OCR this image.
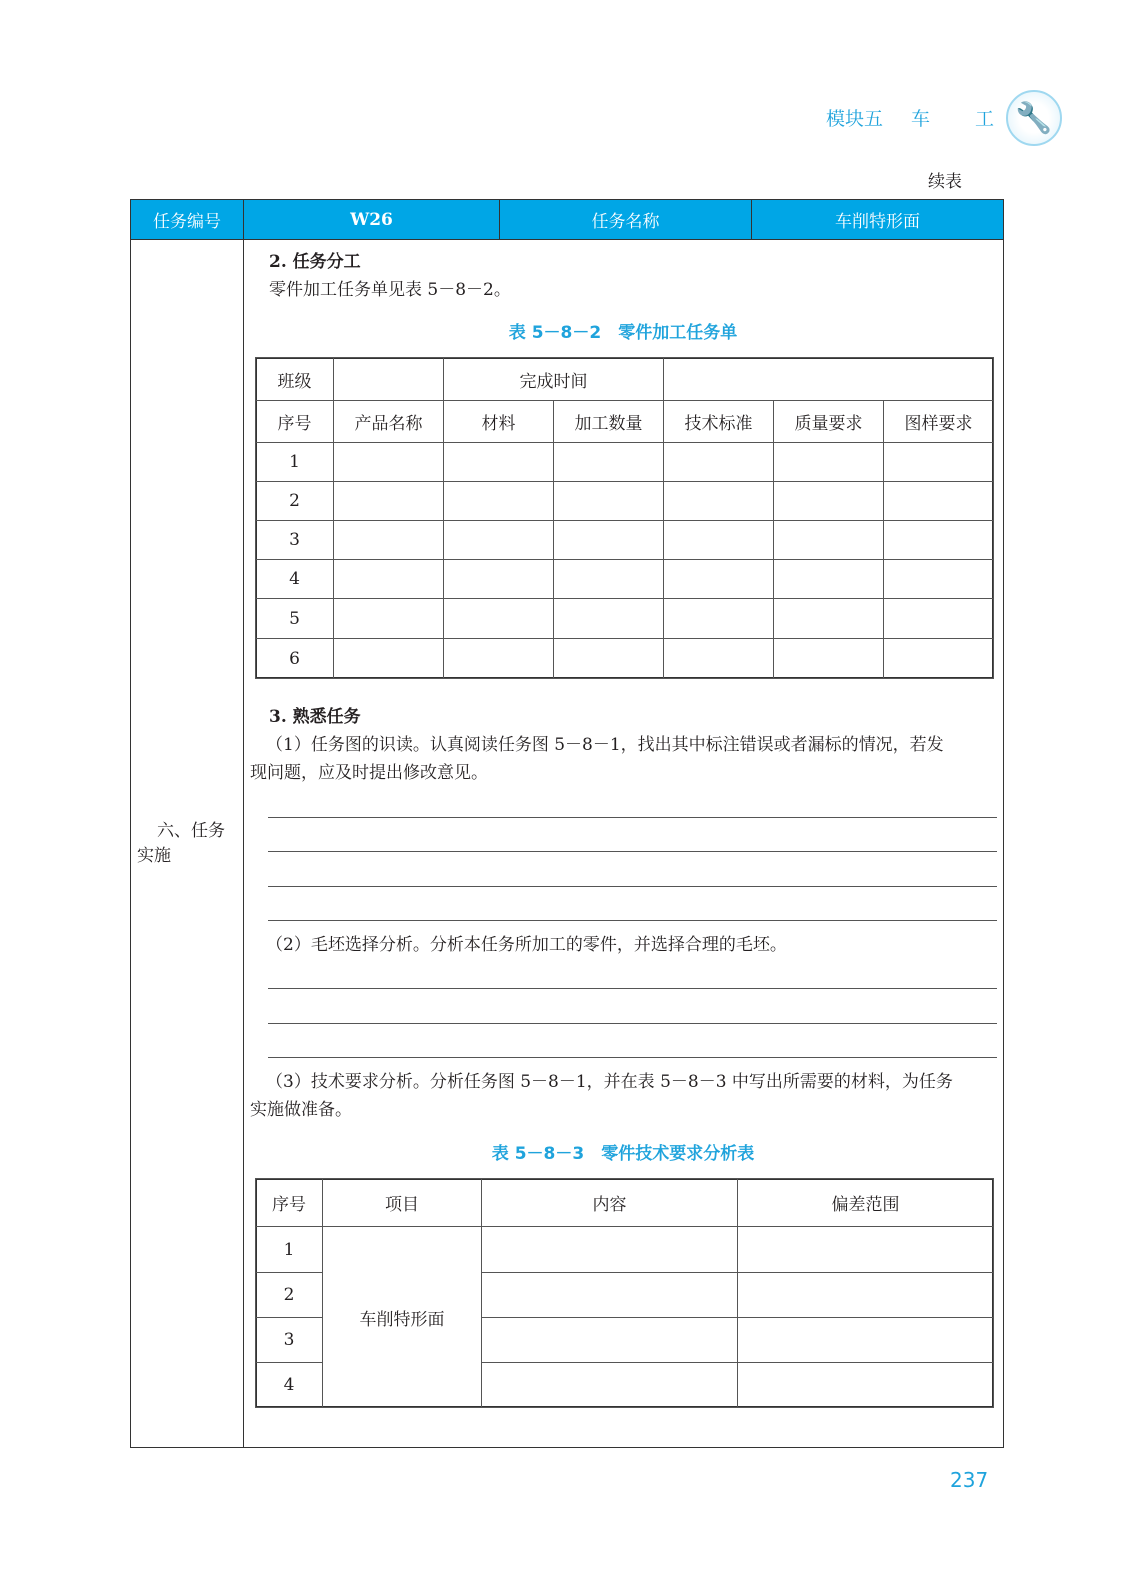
模块五 车 工 🔧
续表
任务编号	W26	任务名称	车削特形面
六、任务
实施
2. 任务分工
零件加工任务单见表 5－8－2。
表 5－8－2　零件加工任务单
班级	完成时间
序号	产品名称	材料	加工数量	技术标准	质量要求	图样要求
1
2
3
4
5
6
3. 熟悉任务
（1）任务图的识读。认真阅读任务图 5－8－1，找出其中标注错误或者漏标的情况，若发
现问题，应及时提出修改意见。
（2）毛坯选择分析。分析本任务所加工的零件，并选择合理的毛坯。
（3）技术要求分析。分析任务图 5－8－1，并在表 5－8－3 中写出所需要的材料，为任务
实施做准备。
表 5－8－3　零件技术要求分析表
序号	项目	内容	偏差范围
1
2
3
4
车削特形面
237
